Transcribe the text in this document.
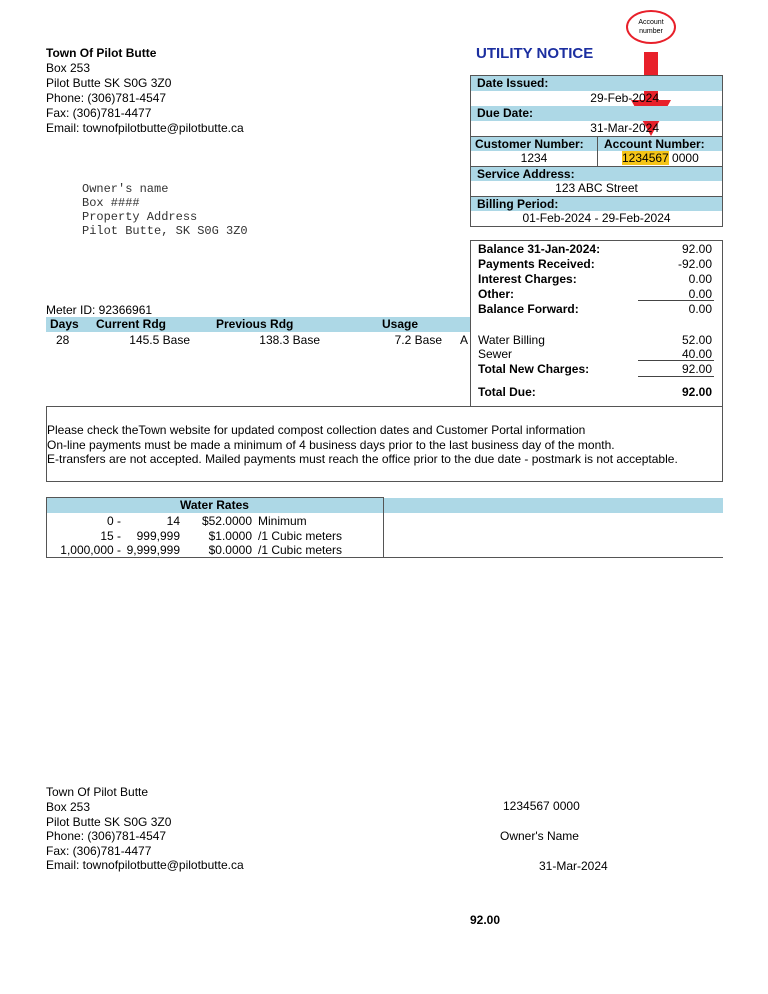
Town Of Pilot Butte
Box 253
Pilot Butte SK S0G 3Z0
Phone: (306)781-4547
Fax: (306)781-4477
Email: townofpilotbutte@pilotbutte.ca
UTILITY NOTICE
Account
number
Date Issued:
29-Feb-2024
Due Date:
31-Mar-2024
Customer Number:	Account Number:
1234	1234567 0000
Service Address:
123 ABC Street
Billing Period:
01-Feb-2024 - 29-Feb-2024
Owner's name
Box ####
Property Address
Pilot Butte, SK S0G 3Z0
Balance 31-Jan-2024:	92.00
Payments Received:	-92.00
Interest Charges:	0.00
Other:	0.00
Balance Forward:	0.00
Water Billing	52.00
Sewer	40.00
Total New Charges:	92.00
Total Due:	92.00
Meter ID: 92366961
Days Current Rdg	Previous Rdg	Usage
28	145.5 Base	138.3 Base	7.2 Base A
Please check theTown website for updated compost collection dates and Customer Portal information
On-line payments must be made a minimum of 4 business days prior to the last business day of the month.
E-transfers are not accepted. Mailed payments must reach the office prior to the due date - postmark is not acceptable.
Water Rates
0 -	14	$52.0000 Minimum
15 -	999,999	$1.0000 /1 Cubic meters
1,000,000 - 9,999,999	$0.0000 /1 Cubic meters
Town Of Pilot Butte
Box 253
Pilot Butte SK S0G 3Z0
Phone: (306)781-4547
Fax: (306)781-4477
Email: townofpilotbutte@pilotbutte.ca
1234567 0000
Owner's Name
31-Mar-2024
92.00
